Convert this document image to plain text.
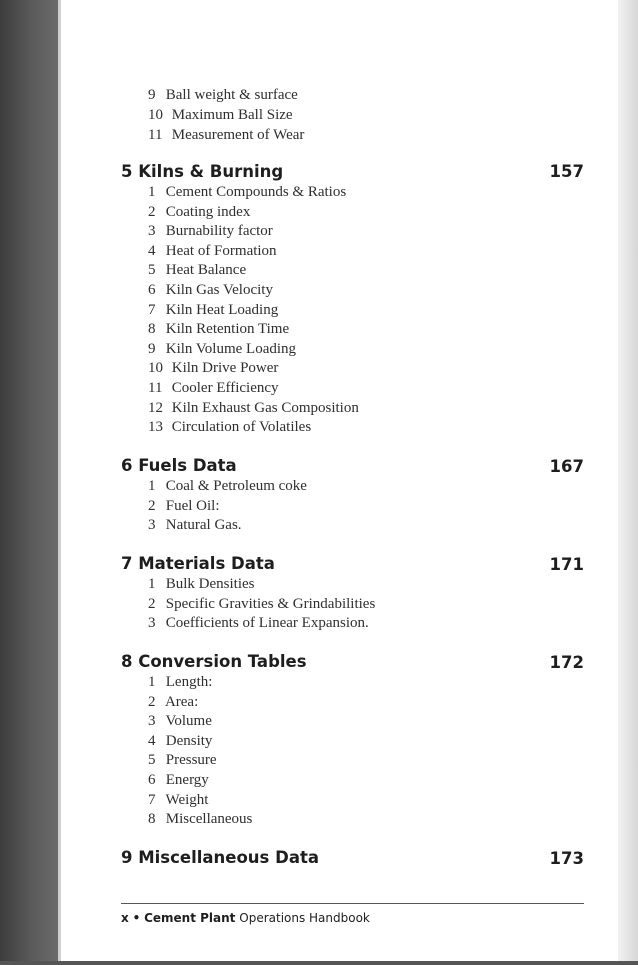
9 Ball weight & surface
10 Maximum Ball Size
11 Measurement of Wear
5 Kilns & Burning	157
1 Cement Compounds & Ratios
2 Coating index
3 Burnability factor
4 Heat of Formation
5 Heat Balance
6 Kiln Gas Velocity
7 Kiln Heat Loading
8 Kiln Retention Time
9 Kiln Volume Loading
10 Kiln Drive Power
11 Cooler Efficiency
12 Kiln Exhaust Gas Composition
13 Circulation of Volatiles
6 Fuels Data	167
1 Coal & Petroleum coke
2 Fuel Oil:
3 Natural Gas.
7 Materials Data	171
1 Bulk Densities
2 Specific Gravities & Grindabilities
3 Coefficients of Linear Expansion.
8 Conversion Tables	172
1 Length:
2 Area:
3 Volume
4 Density
5 Pressure
6 Energy
7 Weight
8 Miscellaneous
9 Miscellaneous Data	173
x • Cement Plant Operations Handbook
